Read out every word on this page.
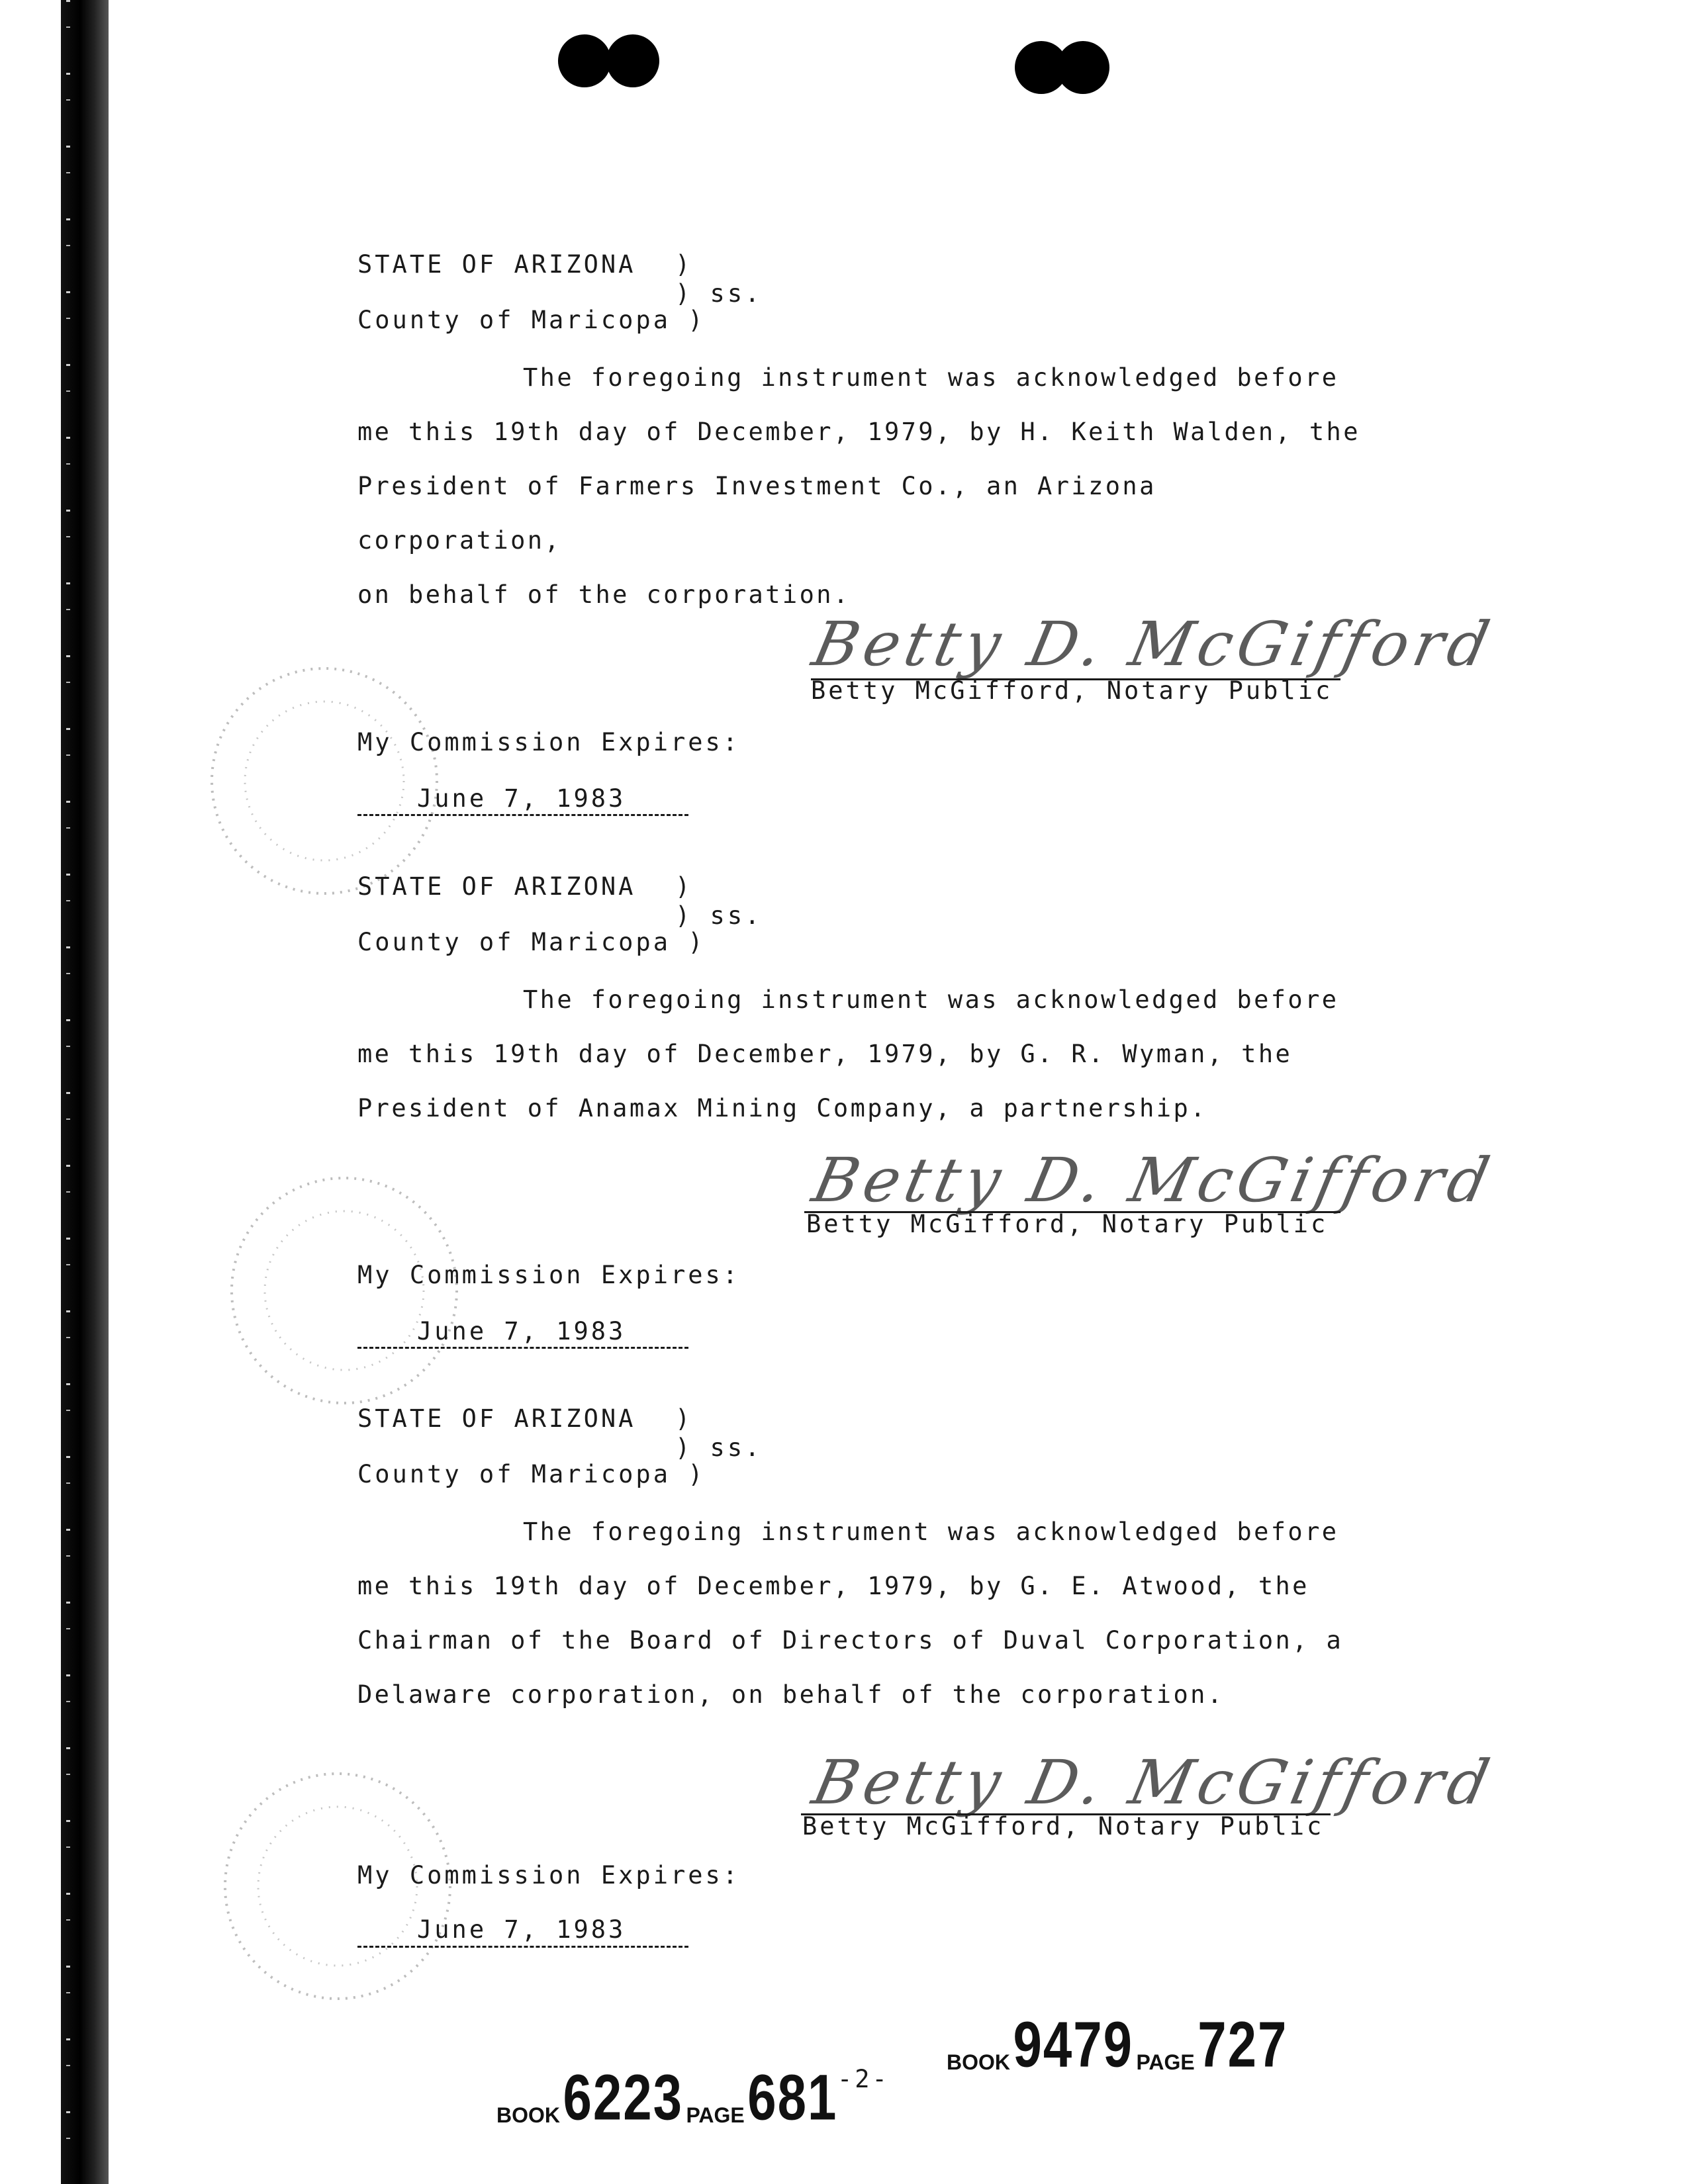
STATE OF ARIZONA )
) ss.
County of Maricopa )
The foregoing instrument was acknowledged before
me this 19th day of December, 1979, by H. Keith Walden, the
President of Farmers Investment Co., an Arizona corporation,
on behalf of the corporation.
Betty D. McGifford
Betty McGifford, Notary Public
My Commission Expires:
June 7, 1983
STATE OF ARIZONA )
) ss.
County of Maricopa )
The foregoing instrument was acknowledged before
me this 19th day of December, 1979, by G. R. Wyman, the
President of Anamax Mining Company, a partnership.
Betty D. McGifford
Betty McGifford, Notary Public
My Commission Expires:
June 7, 1983
STATE OF ARIZONA )
) ss.
County of Maricopa )
The foregoing instrument was acknowledged before
me this 19th day of December, 1979, by G. E. Atwood, the
Chairman of the Board of Directors of Duval Corporation, a
Delaware corporation, on behalf of the corporation.
Betty D. McGifford
Betty McGifford, Notary Public
My Commission Expires:
June 7, 1983
BOOK 9479 PAGE 727
-2-
BOOK 6223 PAGE 681
